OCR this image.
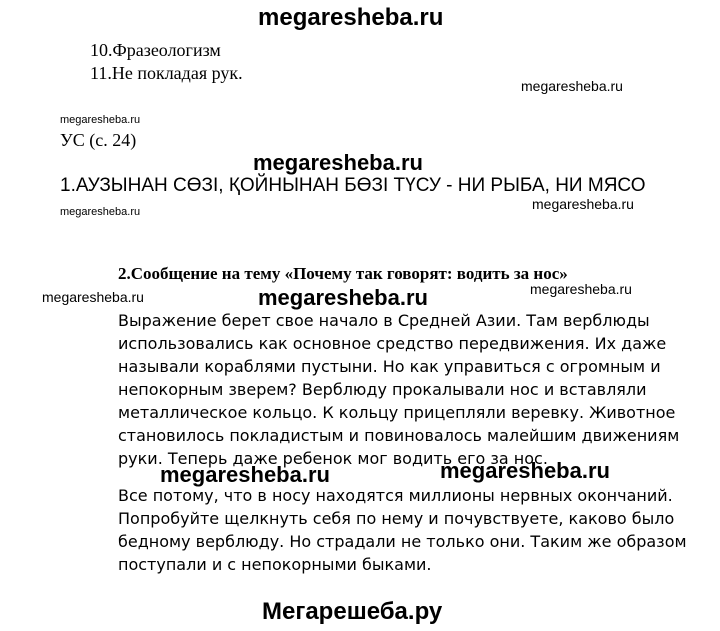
megaresheba.ru
10.Фразеологизм
11.Не покладая рук.
megaresheba.ru
megaresheba.ru
УС (с. 24)
megaresheba.ru
1.АУЗЫНАН СӨЗІ, ҚОЙНЫНАН БӨЗІ ТҮСУ - НИ РЫБА, НИ МЯСО
megaresheba.ru
megaresheba.ru
2.Сообщение на тему «Почему так говорят: водить за нос»
megaresheba.ru	megaresheba.ru	megaresheba.ru
Выражение берет свое начало в Средней Азии. Там верблюды
использовались как основное средство передвижения. Их даже
называли кораблями пустыни. Но как управиться с огромным и
непокорным зверем? Верблюду прокалывали нос и вставляли
металлическое кольцо. К кольцу прицепляли веревку. Животное
становилось покладистым и повиновалось малейшим движениям
руки. Теперь даже ребенок мог водить его за нос.
megaresheba.ru	megaresheba.ru
Все потому, что в носу находятся миллионы нервных окончаний.
Попробуйте щелкнуть себя по нему и почувствуете, каково было
бедному верблюду. Но страдали не только они. Таким же образом
поступали и с непокорными быками.
Мегарешеба.ру
